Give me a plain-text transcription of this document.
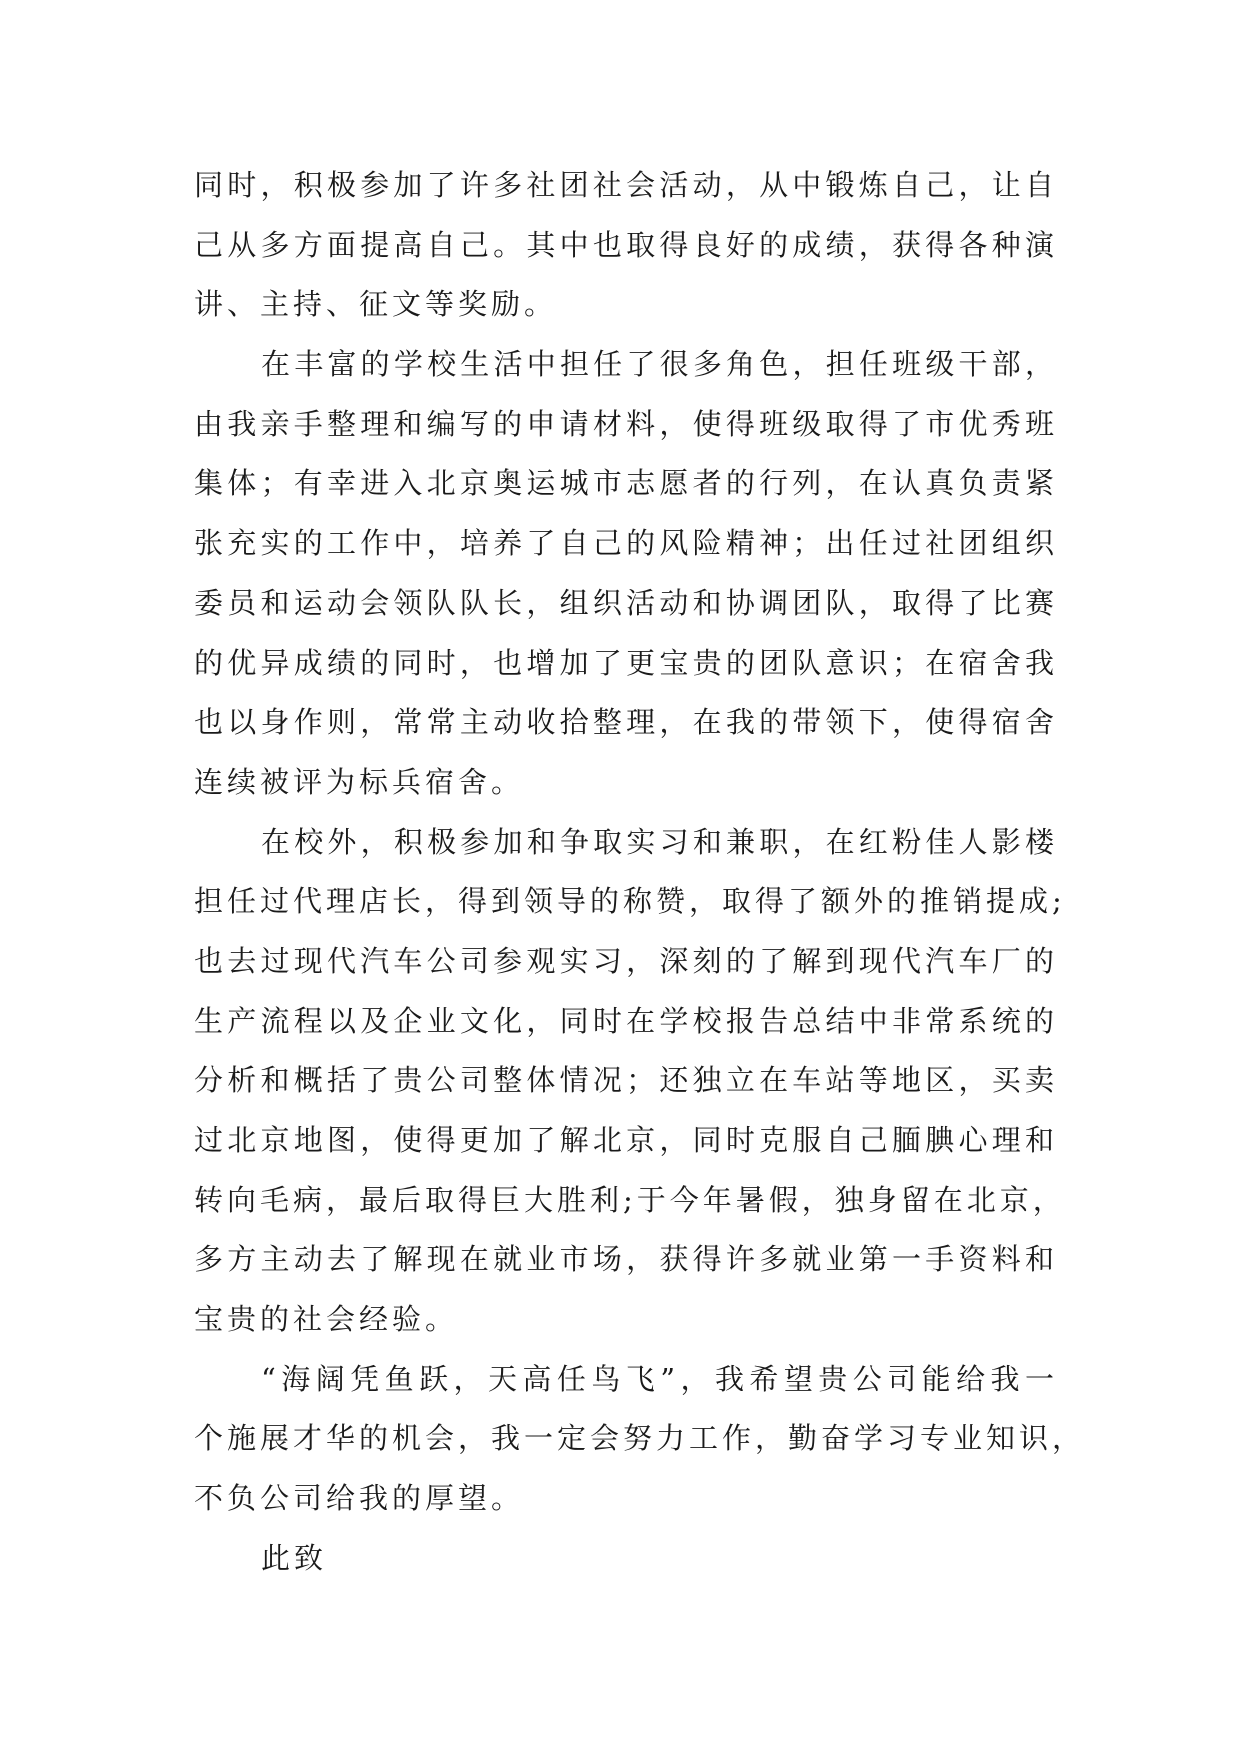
同时，积极参加了许多社团社会活动，从中锻炼自己，让自
己从多方面提高自己。其中也取得良好的成绩，获得各种演
讲、主持、征文等奖励。
在丰富的学校生活中担任了很多角色，担任班级干部，
由我亲手整理和编写的申请材料，使得班级取得了市优秀班
集体；有幸进入北京奥运城市志愿者的行列，在认真负责紧
张充实的工作中，培养了自己的风险精神；出任过社团组织
委员和运动会领队队长，组织活动和协调团队，取得了比赛
的优异成绩的同时，也增加了更宝贵的团队意识；在宿舍我
也以身作则，常常主动收拾整理，在我的带领下，使得宿舍
连续被评为标兵宿舍。
在校外，积极参加和争取实习和兼职，在红粉佳人影楼
担任过代理店长，得到领导的称赞，取得了额外的推销提成;
也去过现代汽车公司参观实习，深刻的了解到现代汽车厂的
生产流程以及企业文化，同时在学校报告总结中非常系统的
分析和概括了贵公司整体情况；还独立在车站等地区，买卖
过北京地图，使得更加了解北京，同时克服自己腼腆心理和
转向毛病，最后取得巨大胜利;于今年暑假，独身留在北京，
多方主动去了解现在就业市场，获得许多就业第一手资料和
宝贵的社会经验。
“海阔凭鱼跃，天高任鸟飞”，我希望贵公司能给我一
个施展才华的机会，我一定会努力工作，勤奋学习专业知识，
不负公司给我的厚望。
此致
